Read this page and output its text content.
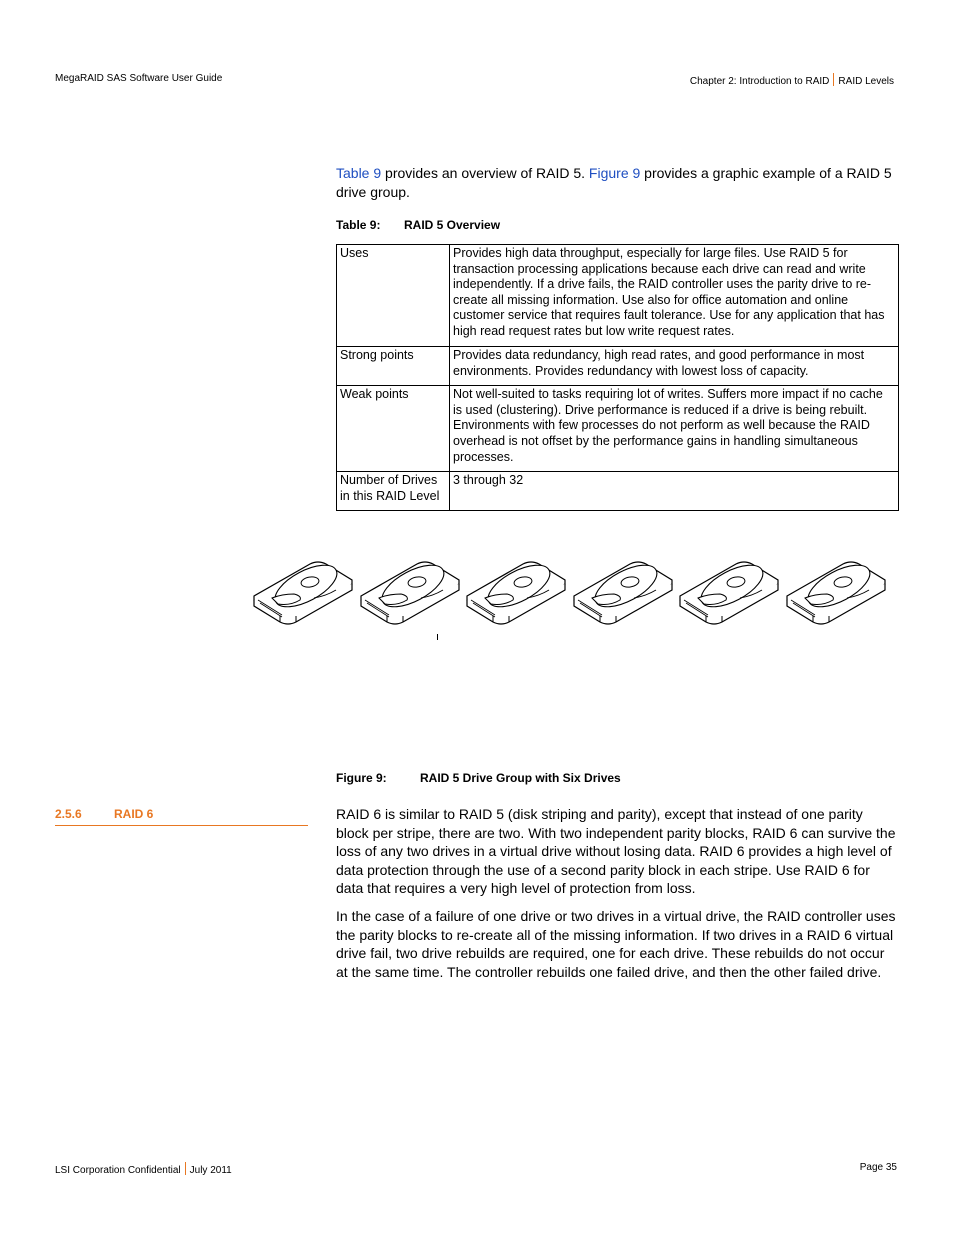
MegaRAID SAS Software User Guide	Chapter 2: Introduction to RAID RAID Levels

Table 9 provides an overview of RAID 5. Figure 9 provides a graphic example of a RAID 5 drive group.

Table 9: RAID 5 Overview
Uses	Provides high data throughput, especially for large files. Use RAID 5 for transaction processing applications because each drive can read and write independently. If a drive fails, the RAID controller uses the parity drive to re-create all missing information. Use also for office automation and online customer service that requires fault tolerance. Use for any application that has high read request rates but low write request rates.
Strong points	Provides data redundancy, high read rates, and good performance in most environments. Provides redundancy with lowest loss of capacity.
Weak points	Not well-suited to tasks requiring lot of writes. Suffers more impact if no cache is used (clustering). Drive performance is reduced if a drive is being rebuilt. Environments with few processes do not perform as well because the RAID overhead is not offset by the performance gains in handling simultaneous processes.
Number of Drives in this RAID Level	3 through 32
Figure 9:	RAID 5 Drive Group with Six Drives
2.5.6	RAID 6	RAID 6 is similar to RAID 5 (disk striping and parity), except that instead of one parity block per stripe, there are two. With two independent parity blocks, RAID 6 can survive the loss of any two drives in a virtual drive without losing data. RAID 6 provides a high level of data protection through the use of a second parity block in each stripe. Use RAID 6 for data that requires a very high level of protection from loss.

In the case of a failure of one drive or two drives in a virtual drive, the RAID controller uses the parity blocks to re-create all of the missing information. If two drives in a RAID 6 virtual drive fail, two drive rebuilds are required, one for each drive. These rebuilds do not occur at the same time. The controller rebuilds one failed drive, and then the other failed drive.

LSI Corporation Confidential July 2011	Page 35
